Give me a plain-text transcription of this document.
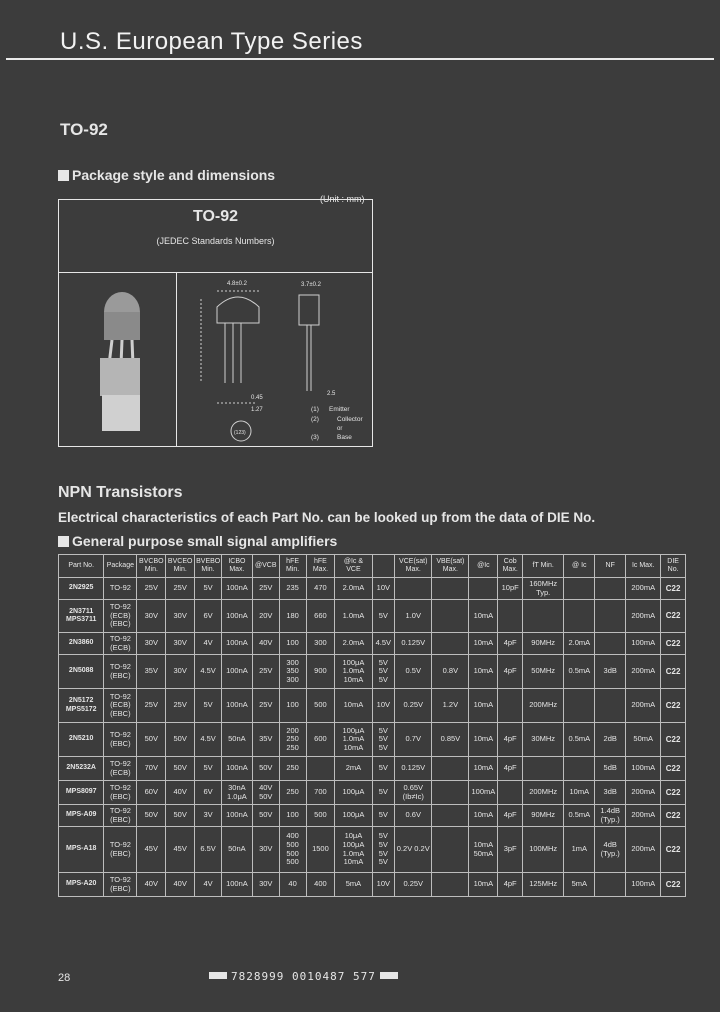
U.S. European Type Series
TO-92
Package style and dimensions
(Unit : mm)
TO-92
(JEDEC Standards Numbers)
4.8±0.2	3.7±0.2
0.45
2.5
1.27
(123)
(1) Emitter
(2)	Collector
or
(3)	Base
NPN Transistors
Electrical characteristics of each Part No. can be looked up from the data of DIE No.
General purpose small signal amplifiers
Part No.	Package	BVCBO Min.	BVCEO Min.	BVEBO Min.	ICBO Max.	@VCB	hFE Min.	hFE Max.	@Ic & VCE		VCE(sat) Max.	VBE(sat) Max.	@Ic	Cob Max.	fT Min.	@ Ic	NF	Ic Max.	DIE No.
2N2925	TO-92	25V	25V	5V	100nA	25V	235	470	2.0mA	10V				10pF	160MHz Typ.			200mA	C22
2N3711 MPS3711	TO-92 (ECB) (EBC)	30V	30V	6V	100nA	20V	180	660	1.0mA	5V	1.0V		10mA					200mA	C22
2N3860	TO-92 (ECB)	30V	30V	4V	100nA	40V	100	300	2.0mA	4.5V	0.125V		10mA	4pF	90MHz	2.0mA		100mA	C22
2N5088	TO-92 (EBC)	35V	30V	4.5V	100nA	25V	300 350 300	900	100μA 1.0mA 10mA	5V 5V 5V	0.5V	0.8V	10mA	4pF	50MHz	0.5mA	3dB	200mA	C22
2N5172 MPS5172	TO-92 (ECB) (EBC)	25V	25V	5V	100nA	25V	100	500	10mA	10V	0.25V	1.2V	10mA		200MHz			200mA	C22
2N5210	TO-92 (EBC)	50V	50V	4.5V	50nA	35V	200 250 250	600	100μA 1.0mA 10mA	5V 5V 5V	0.7V	0.85V	10mA	4pF	30MHz	0.5mA	2dB	50mA	C22
2N5232A	TO-92 (ECB)	70V	50V	5V	100nA	50V	250		2mA	5V	0.125V		10mA	4pF			5dB	100mA	C22
MPS8097	TO-92 (EBC)	60V	40V	6V	30nA 1.0μA	40V 50V	250	700	100μA	5V	0.65V (Ib≠Ic)		100mA		200MHz	10mA	3dB	200mA	C22
MPS-A09	TO-92 (EBC)	50V	50V	3V	100nA	50V	100	500	100μA	5V	0.6V		10mA	4pF	90MHz	0.5mA	1.4dB (Typ.)	200mA	C22
MPS-A18	TO-92 (EBC)	45V	45V	6.5V	50nA	30V	400 500 500 500	1500	10μA 100μA 1.0mA 10mA	5V 5V 5V 5V	0.2V 0.2V		10mA 50mA	3pF	100MHz	1mA	4dB (Typ.)	200mA	C22
MPS-A20	TO-92 (EBC)	40V	40V	4V	100nA	30V	40	400	5mA	10V	0.25V		10mA	4pF	125MHz	5mA		100mA	C22
28	7828999 0010487 577
